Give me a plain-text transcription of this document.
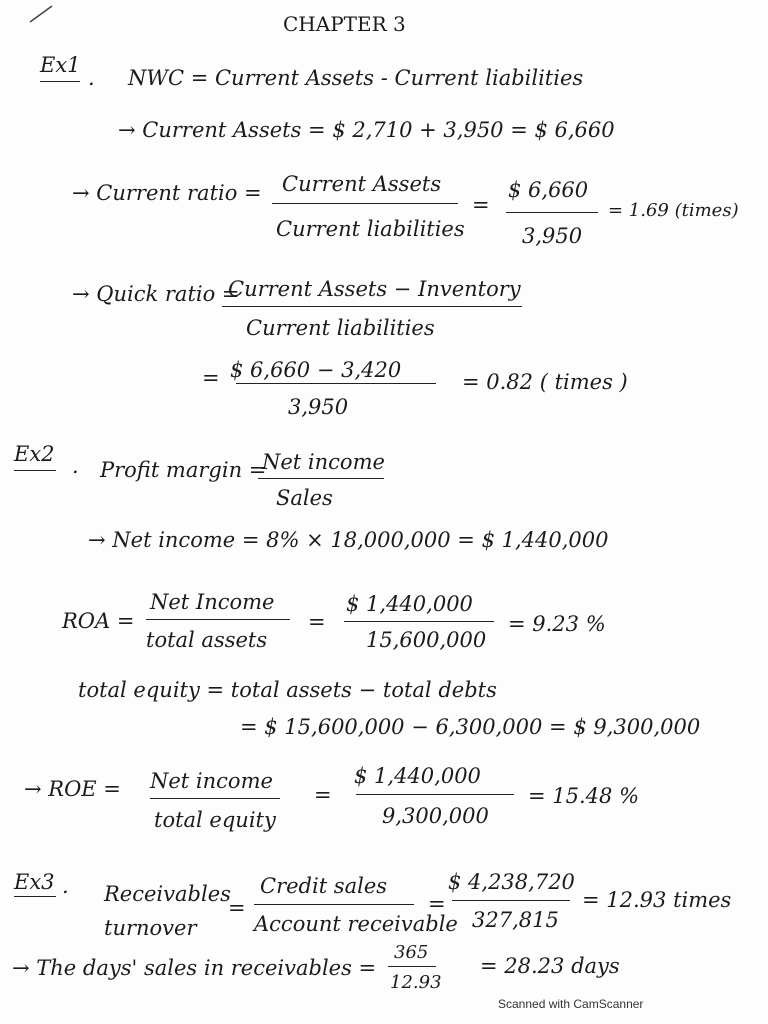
CHAPTER 3
Ex1
. NWC = Current Assets - Current liabilities
→ Current Assets = $ 2,710 + 3,950 = $ 6,660
→ Current ratio = Current Assets
Current liabilities
=
$ 6,660
3,950
= 1.69 (times)
→ Quick ratio =
Current Assets − Inventory
Current liabilities
= $ 6,660 − 3,420
3,950
= 0.82 ( times )
Ex2 . Profit margin =
Net income
Sales
→ Net income = 8% × 18,000,000 = $ 1,440,000
ROA =
Net Income
total assets
=
$ 1,440,000
15,600,000
= 9.23 %
total equity = total assets − total debts
= $ 15,600,000 − 6,300,000 = $ 9,300,000
→ ROE = Net income
total equity
=
$ 1,440,000
9,300,000
= 15.48 %
Ex3 . Receivables
turnover
=
Credit sales
Account receivable
=
$ 4,238,720
327,815
= 12.93 times
→ The days' sales in receivables =
365
12.93
= 28.23 days
Scanned with CamScanner
